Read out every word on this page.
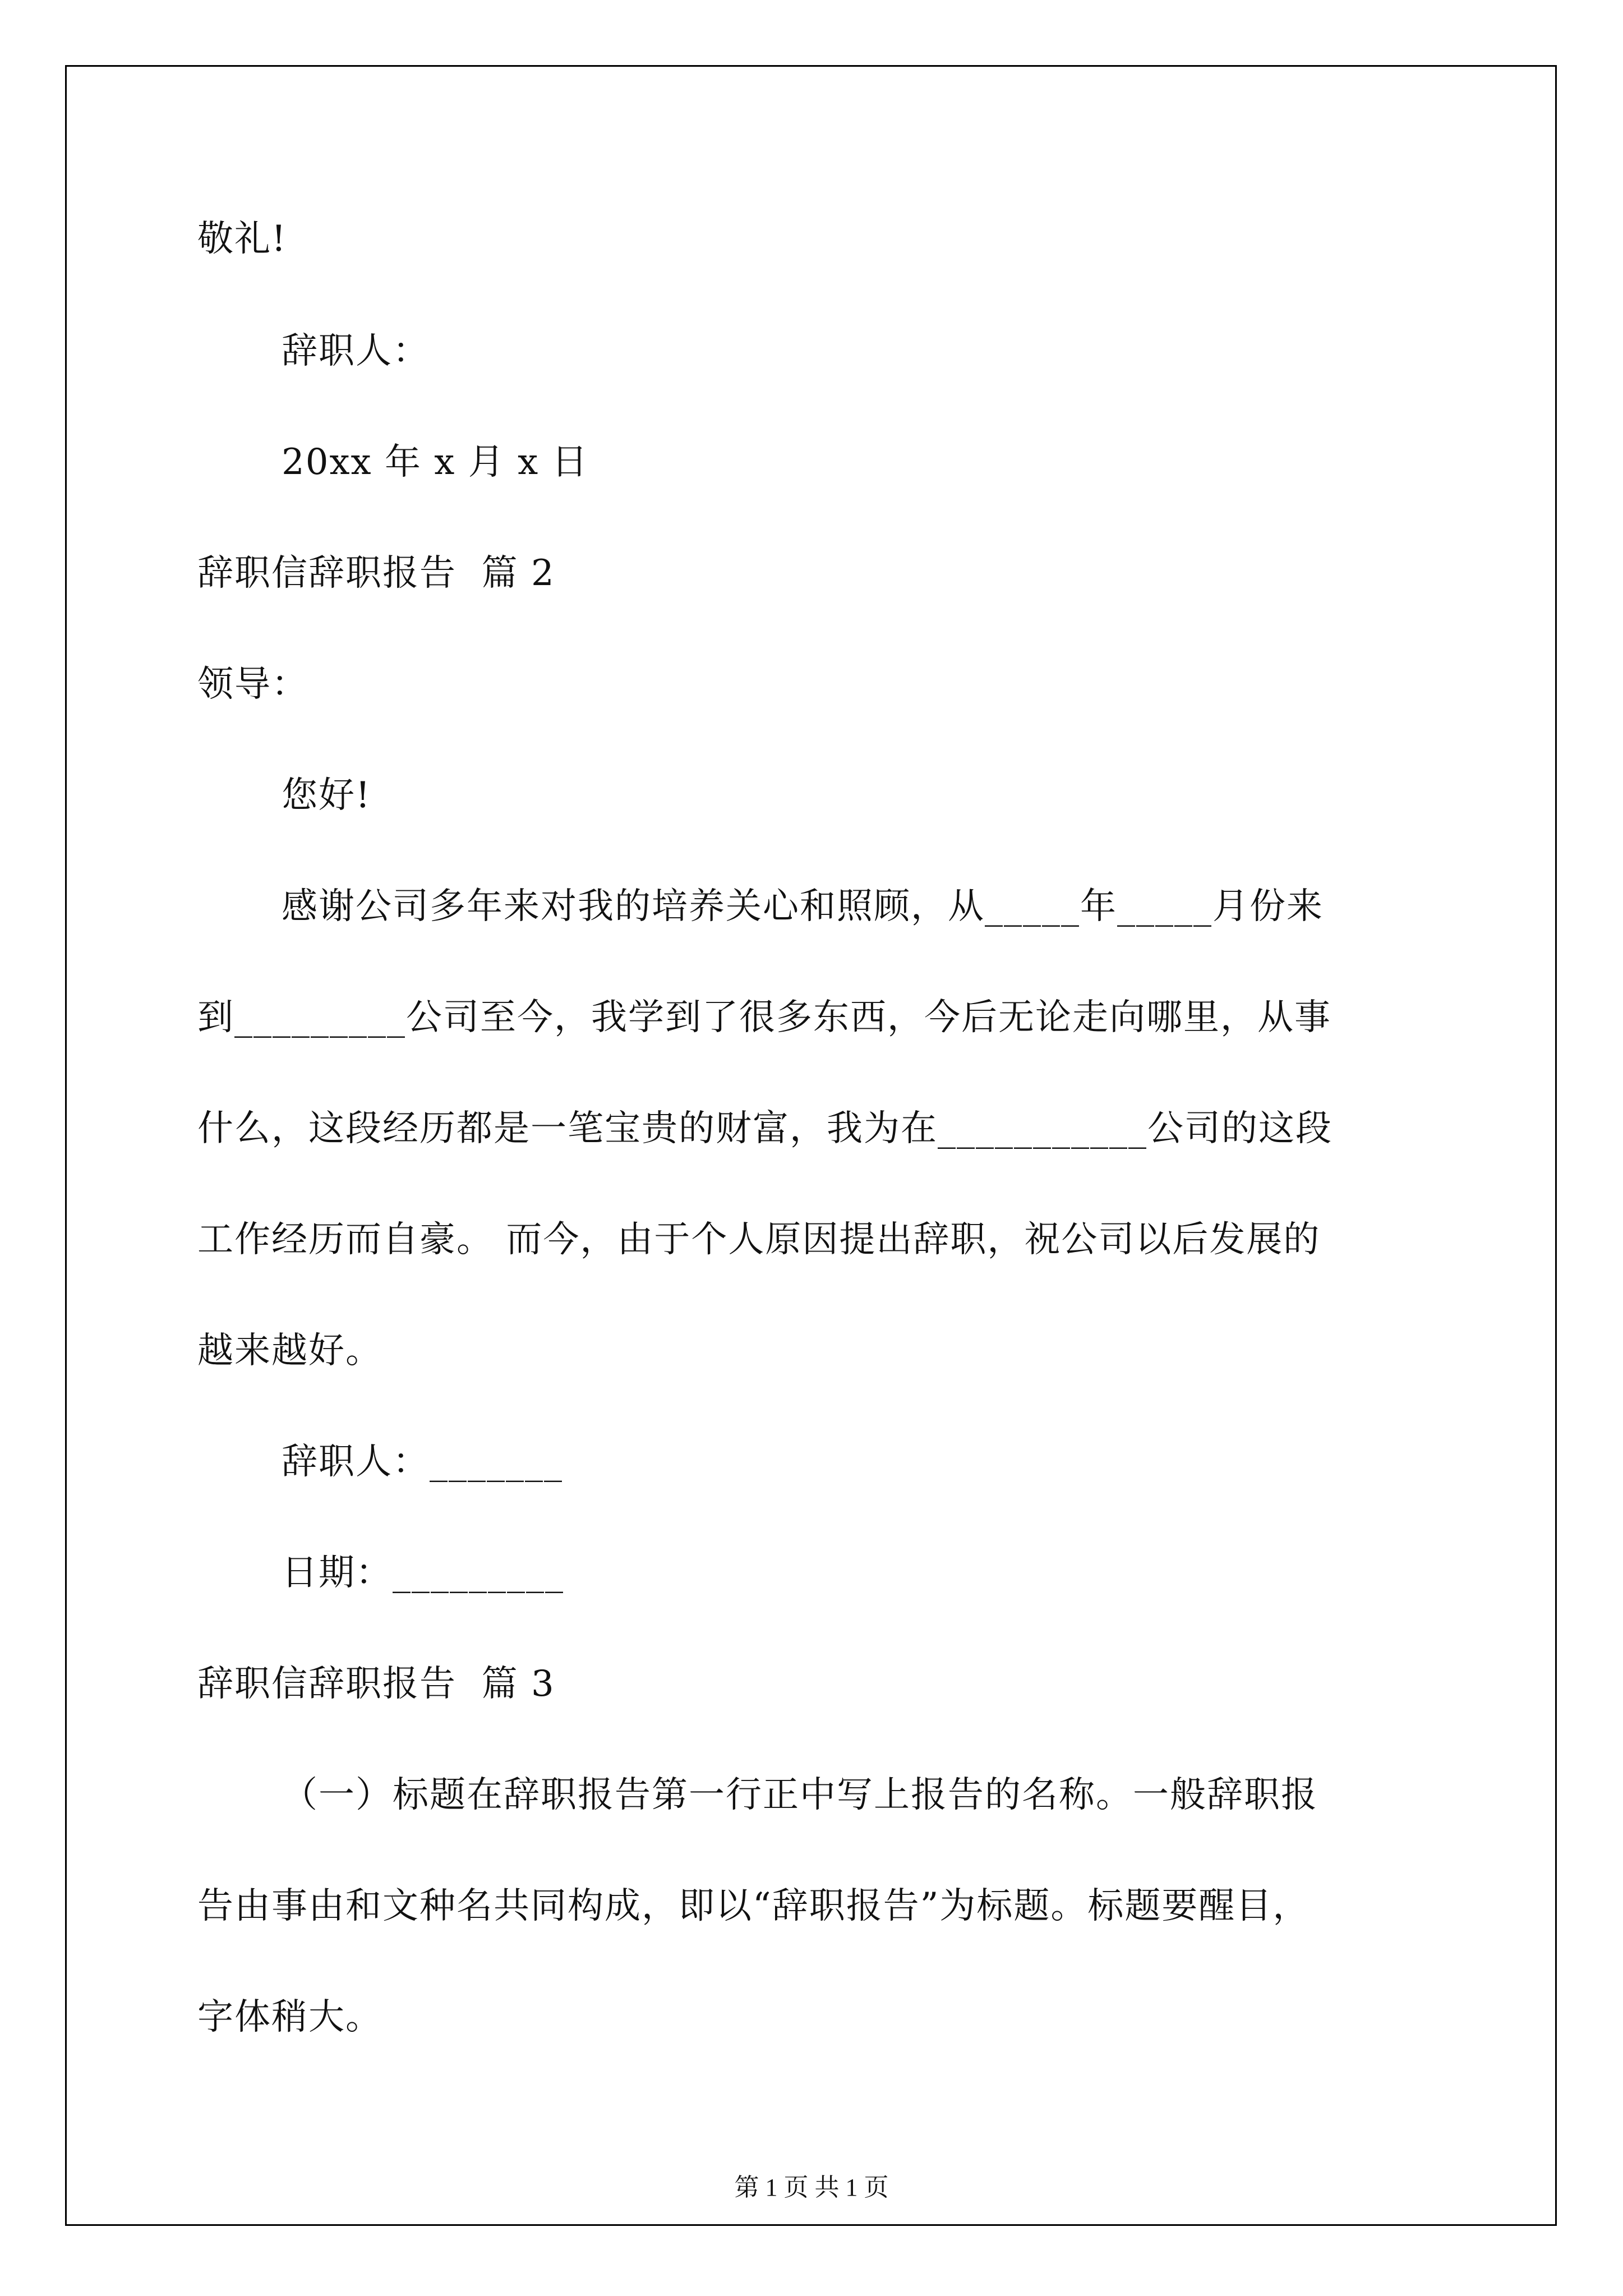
敬礼!
辞职人：
20xx 年 x 月 x 日
辞职信辞职报告  篇 2
领导：
您好!
感谢公司多年来对我的培养关心和照顾，从_____年_____月份来
到_________公司至今，我学到了很多东西，今后无论走向哪里，从事
什么，这段经历都是一笔宝贵的财富，我为在___________公司的这段
工作经历而自豪。 而今，由于个人原因提出辞职，祝公司以后发展的
越来越好。
辞职人：_______
日期：_________
辞职信辞职报告  篇 3
（一）标题在辞职报告第一行正中写上报告的名称。一般辞职报
告由事由和文种名共同构成，即以“辞职报告”为标题。标题要醒目，
字体稍大。
第 1 页 共 1 页
